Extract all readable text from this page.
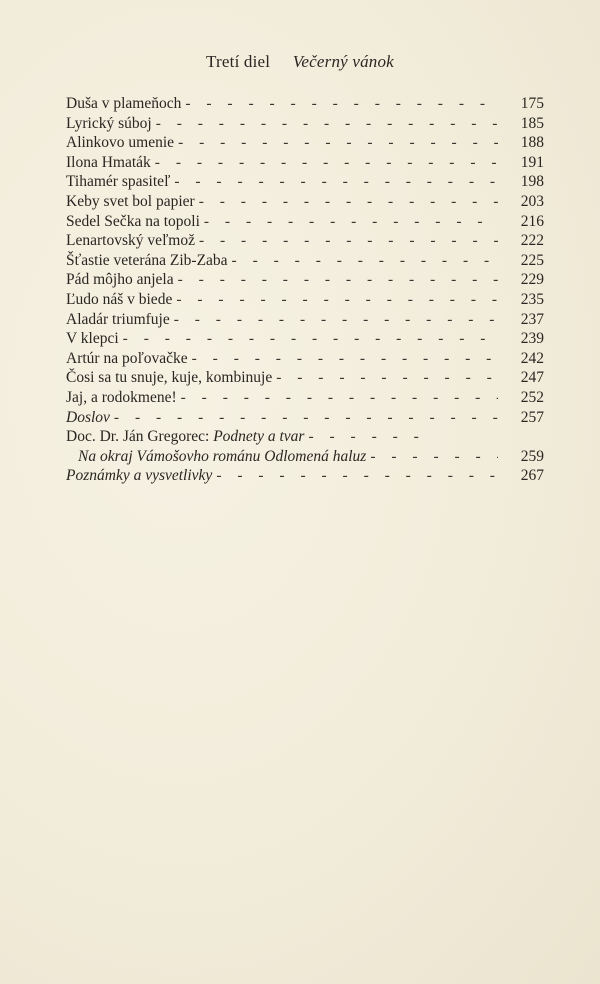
Tretí diel Večerný vánok
Duša v plameňoch - - -	175
Lyrický súboj - - -	185
Alinkovo umenie - - -	188
Ilona Hmaták - - -	191
Tihamér spasiteľ - - -	198
Keby svet bol papier - - -	203
Sedel Sečka na topoli - - -	216
Lenartovský veľmož - - -	222
Šťastie veterána Zib-Zaba - - -	225
Pád môjho anjela - - -	229
Ľudo náš v biede - - -	235
Aladár triumfuje - - -	237
V klepci - - -	239
Artúr na poľovačke - - -	242
Čosi sa tu snuje, kuje, kombinuje - - -	247
Jaj, a rodokmene! - - -	252
Doslov - - -	257
Doc. Dr. Ján Gregorec: Podnety a tvar
- - -
Na okraj Vámošovho románu Odlomená haluz - - -	259
Poznámky a vysvetlivky - - -	267
